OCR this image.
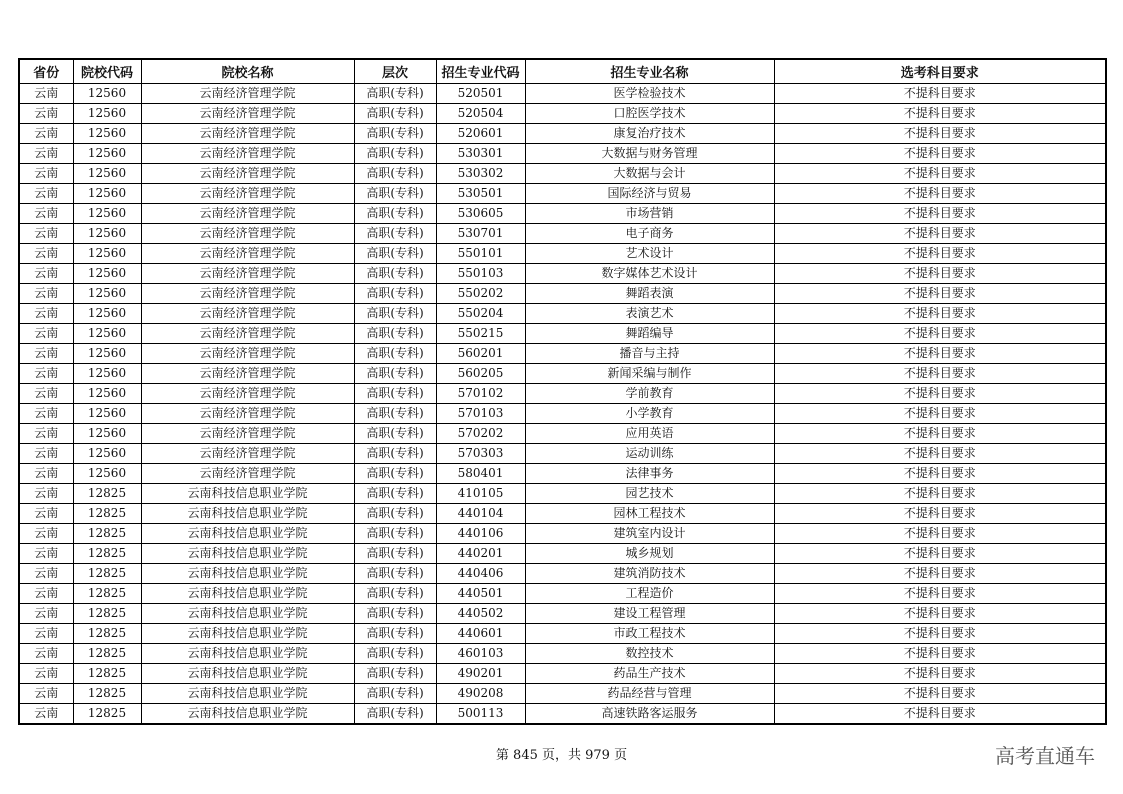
省份	院校代码	院校名称	层次	招生专业代码	招生专业名称	选考科目要求
云南	12560	云南经济管理学院	高职(专科)	520501	医学检验技术	不提科目要求
云南	12560	云南经济管理学院	高职(专科)	520504	口腔医学技术	不提科目要求
云南	12560	云南经济管理学院	高职(专科)	520601	康复治疗技术	不提科目要求
云南	12560	云南经济管理学院	高职(专科)	530301	大数据与财务管理	不提科目要求
云南	12560	云南经济管理学院	高职(专科)	530302	大数据与会计	不提科目要求
云南	12560	云南经济管理学院	高职(专科)	530501	国际经济与贸易	不提科目要求
云南	12560	云南经济管理学院	高职(专科)	530605	市场营销	不提科目要求
云南	12560	云南经济管理学院	高职(专科)	530701	电子商务	不提科目要求
云南	12560	云南经济管理学院	高职(专科)	550101	艺术设计	不提科目要求
云南	12560	云南经济管理学院	高职(专科)	550103	数字媒体艺术设计	不提科目要求
云南	12560	云南经济管理学院	高职(专科)	550202	舞蹈表演	不提科目要求
云南	12560	云南经济管理学院	高职(专科)	550204	表演艺术	不提科目要求
云南	12560	云南经济管理学院	高职(专科)	550215	舞蹈编导	不提科目要求
云南	12560	云南经济管理学院	高职(专科)	560201	播音与主持	不提科目要求
云南	12560	云南经济管理学院	高职(专科)	560205	新闻采编与制作	不提科目要求
云南	12560	云南经济管理学院	高职(专科)	570102	学前教育	不提科目要求
云南	12560	云南经济管理学院	高职(专科)	570103	小学教育	不提科目要求
云南	12560	云南经济管理学院	高职(专科)	570202	应用英语	不提科目要求
云南	12560	云南经济管理学院	高职(专科)	570303	运动训练	不提科目要求
云南	12560	云南经济管理学院	高职(专科)	580401	法律事务	不提科目要求
云南	12825	云南科技信息职业学院	高职(专科)	410105	园艺技术	不提科目要求
云南	12825	云南科技信息职业学院	高职(专科)	440104	园林工程技术	不提科目要求
云南	12825	云南科技信息职业学院	高职(专科)	440106	建筑室内设计	不提科目要求
云南	12825	云南科技信息职业学院	高职(专科)	440201	城乡规划	不提科目要求
云南	12825	云南科技信息职业学院	高职(专科)	440406	建筑消防技术	不提科目要求
云南	12825	云南科技信息职业学院	高职(专科)	440501	工程造价	不提科目要求
云南	12825	云南科技信息职业学院	高职(专科)	440502	建设工程管理	不提科目要求
云南	12825	云南科技信息职业学院	高职(专科)	440601	市政工程技术	不提科目要求
云南	12825	云南科技信息职业学院	高职(专科)	460103	数控技术	不提科目要求
云南	12825	云南科技信息职业学院	高职(专科)	490201	药品生产技术	不提科目要求
云南	12825	云南科技信息职业学院	高职(专科)	490208	药品经营与管理	不提科目要求
云南	12825	云南科技信息职业学院	高职(专科)	500113	高速铁路客运服务	不提科目要求
第 845 页，共 979 页	高考直通车
